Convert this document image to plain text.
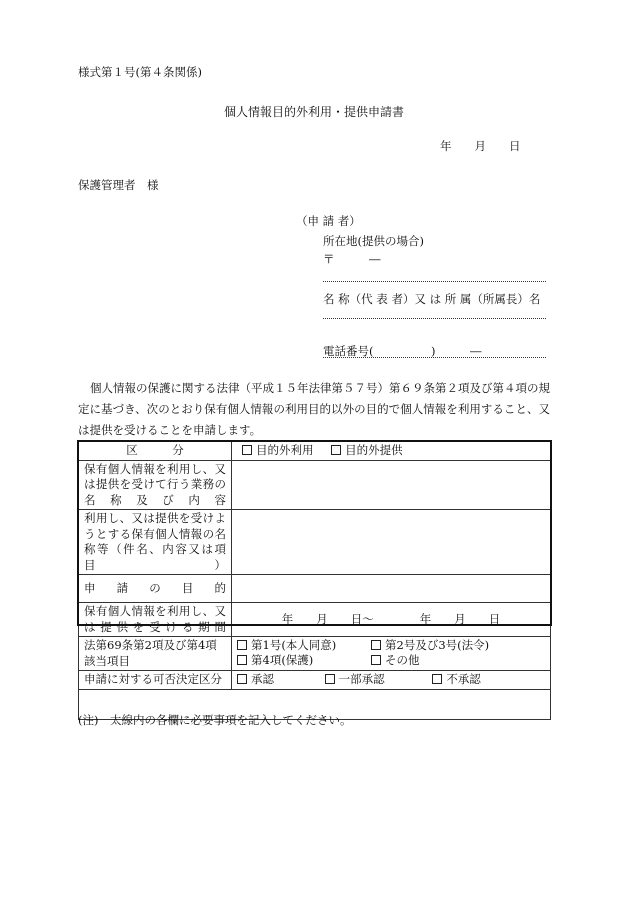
様式第１号(第４条関係)
個人情報目的外利用・提供申請書
年　　月　　日
保護管理者　様
（申 請 者）
所在地(提供の場合)
〒　　　―
名 称（代 表 者）又 は 所 属（所属長）名
電話番号(　　　　　)　　　―
個人情報の保護に関する法律（平成１５年法律第５７号）第６９条第２項及び第４項の規定に基づき、次のとおり保有個人情報の利用目的以外の目的で個人情報を利用すること、又は提供を受けることを申請します。
区　　　分	目的外利用 目的外提供
保有個人情報を利用し、又は提供を受けて行う業務の名称及び内容	
利用し、又は提供を受けようとする保有個人情報の名称等（件名、内容又は項目）	
申　請　の　目　的	
保有個人情報を利用し、又は提供を受ける期間	年　　月　　日～　　　　年　　月　　日
法第69条第2項及び第4項該当項目	第1号(本人同意) 第2号及び3号(法令)
第4項(保護) その他

申請に対する可否決定区分	承認 一部承認 不承認

(注)　太線内の各欄に必要事項を記入してください。
